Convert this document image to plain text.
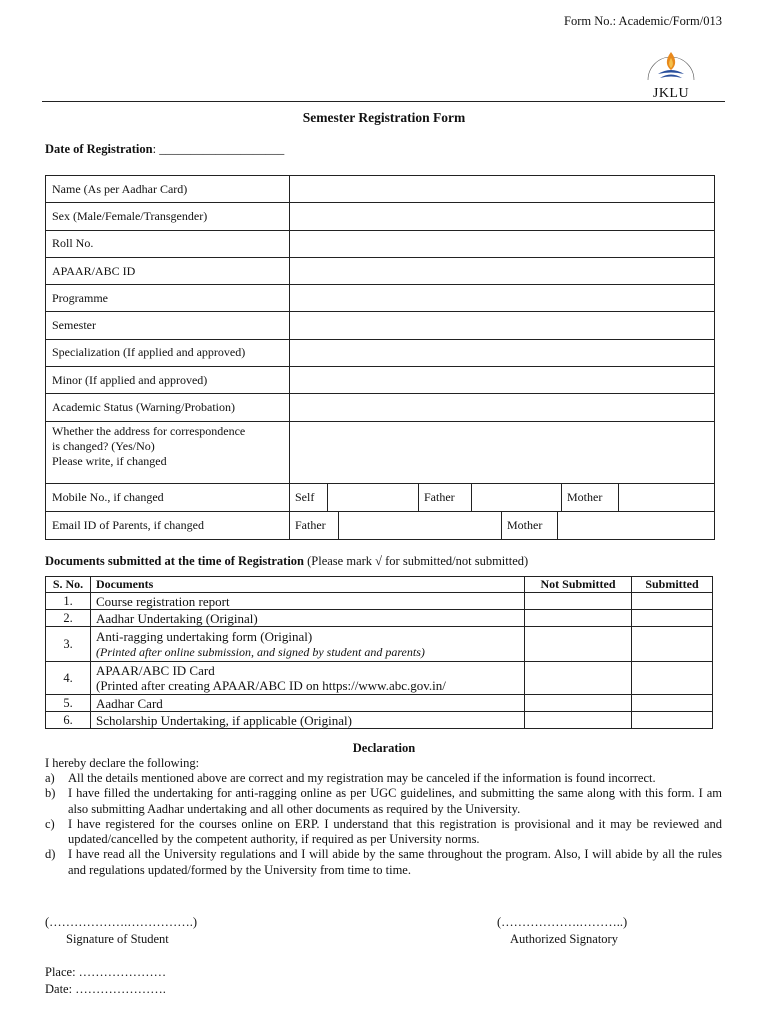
Form No.: Academic/Form/013
JKLU
Semester Registration Form
Date of Registration: ____________________
Name (As per Aadhar Card)	
Sex (Male/Female/Transgender)	
Roll No.	
APAAR/ABC ID	
Programme	
Semester	
Specialization (If applied and approved)	
Minor (If applied and approved)	
Academic Status (Warning/Probation)	

Whether the address for correspondence
is changed? (Yes/No)
Please write, if changed

Mobile No., if changed		Self		Father		Mother	

Email ID of Parents, if changed		Father		Mother	
Documents submitted at the time of Registration (Please mark √ for submitted/not submitted)
S. No.	Documents	Not Submitted	Submitted
1.	Course registration report		
2.	Aadhar Undertaking (Original)		
3.	Anti-ragging undertaking form (Original)
(Printed after online submission, and signed by student and parents)		
4.	APAAR/ABC ID Card
(Printed after creating APAAR/ABC ID on https://www.abc.gov.in/		

5.	Aadhar Card		
6.	Scholarship Undertaking, if applicable (Original)		
Declaration
I hereby declare the following:
a)	All the details mentioned above are correct and my registration may be canceled if the information is found incorrect.
b)	I have filled the undertaking for anti-ragging online as per UGC guidelines, and submitting the same along with this form. I am also submitting Aadhar undertaking and all other documents as required by the University.
c)	I have registered for the courses online on ERP. I understand that this registration is provisional and it may be reviewed and updated/cancelled by the competent authority, if required as per University norms.
d)	I have read all the University regulations and I will abide by the same throughout the program. Also, I will abide by all the rules and regulations updated/formed by the University from time to time.
(……………….…………….)
Signature of Student
(……………….………..)
Authorized Signatory
Place: …………………
Date: ………………….
